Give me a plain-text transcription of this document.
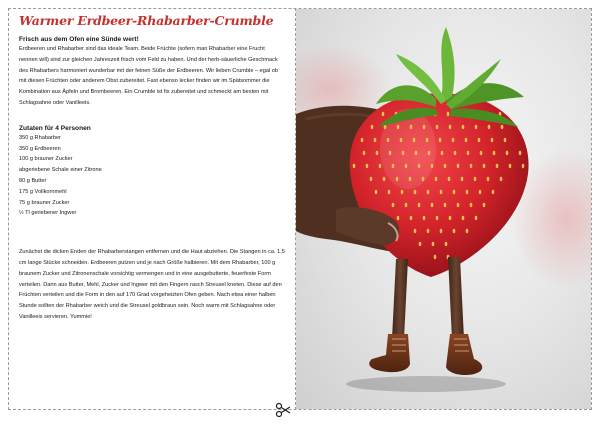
Warmer Erdbeer-Rhabarber-Crumble

Frisch aus dem Ofen eine Sünde wert!

Erdbeeren und Rhabarber sind das ideale Team. Beide Früchte (sofern man Rhabarber eine Frucht nennen will) sind zur gleichen Jahreszeit frisch vom Feld zu haben. Und der herb-säuerliche Geschmack des Rhabarbers harmoniert wunderbar mit der feinen Süße der Erdbeeren. Wir lieben Crumble – egal ob mit diesen Früchten oder anderem Obst zubereitet. Fast ebenso lecker finden wir im Spätsommer die Kombination aus Äpfeln und Brombeeren. Ein Crumble ist fix zubereitet und schmeckt am besten mit Schlagsahne oder Vanilleeis.

Zutaten für 4 Personen

350 g Rhabarber
350 g Erdbeeren
100 g brauner Zucker
abgeriebene Schale einer Zitrone
80 g Butter
175 g Vollkornmehl
75 g brauner Zucker
½ Tl geriebener Ingwer

Zunächst die dicken Enden der Rhabarberstangen entfernen und die Haut abziehen. Die Stangen in ca. 1,5 cm lange Stücke schneiden. Erdbeeren putzen und je nach Größe halbieren. Mit dem Rhabarber, 100 g braunem Zucker und Zitronenschale vorsichtig vermengen und in eine ausgebutterte, feuerfeste Form verteilen. Dann aus Butter, Mehl, Zucker und Ingwer mit den Fingern rasch Streusel kneten. Diese auf den Früchten verteilen und die Form in den auf 170 Grad vorgeheizten Ofen geben. Nach etwa einer halben Stunde sollten der Rhabarber weich und die Streusel goldbraun sein. Noch warm mit Schlagsahne oder Vanilleeis servieren. Yummie!
